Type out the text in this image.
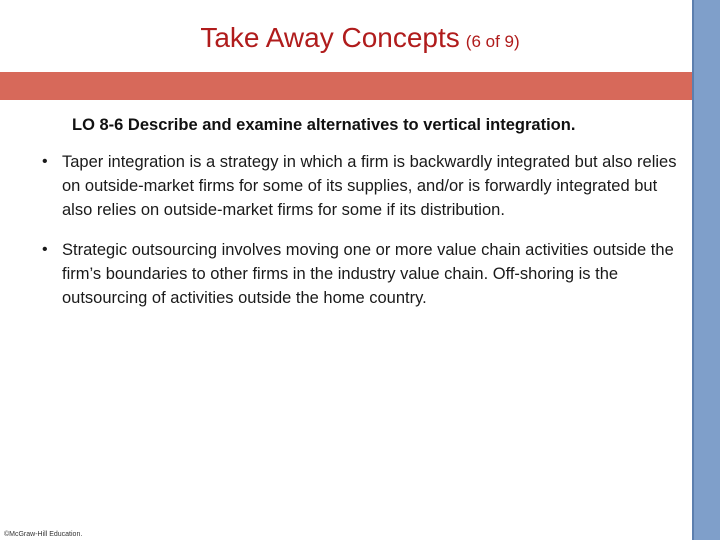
Take Away Concepts (6 of 9)
LO 8-6 Describe and examine alternatives to vertical integration.
• Taper integration is a strategy in which a firm is backwardly integrated but also relies on outside-market firms for some of its supplies, and/or is forwardly integrated but also relies on outside-market firms for some if its distribution.
• Strategic outsourcing involves moving one or more value chain activities outside the firm’s boundaries to other firms in the industry value chain. Off-shoring is the outsourcing of activities outside the home country.
©McGraw-Hill Education.
